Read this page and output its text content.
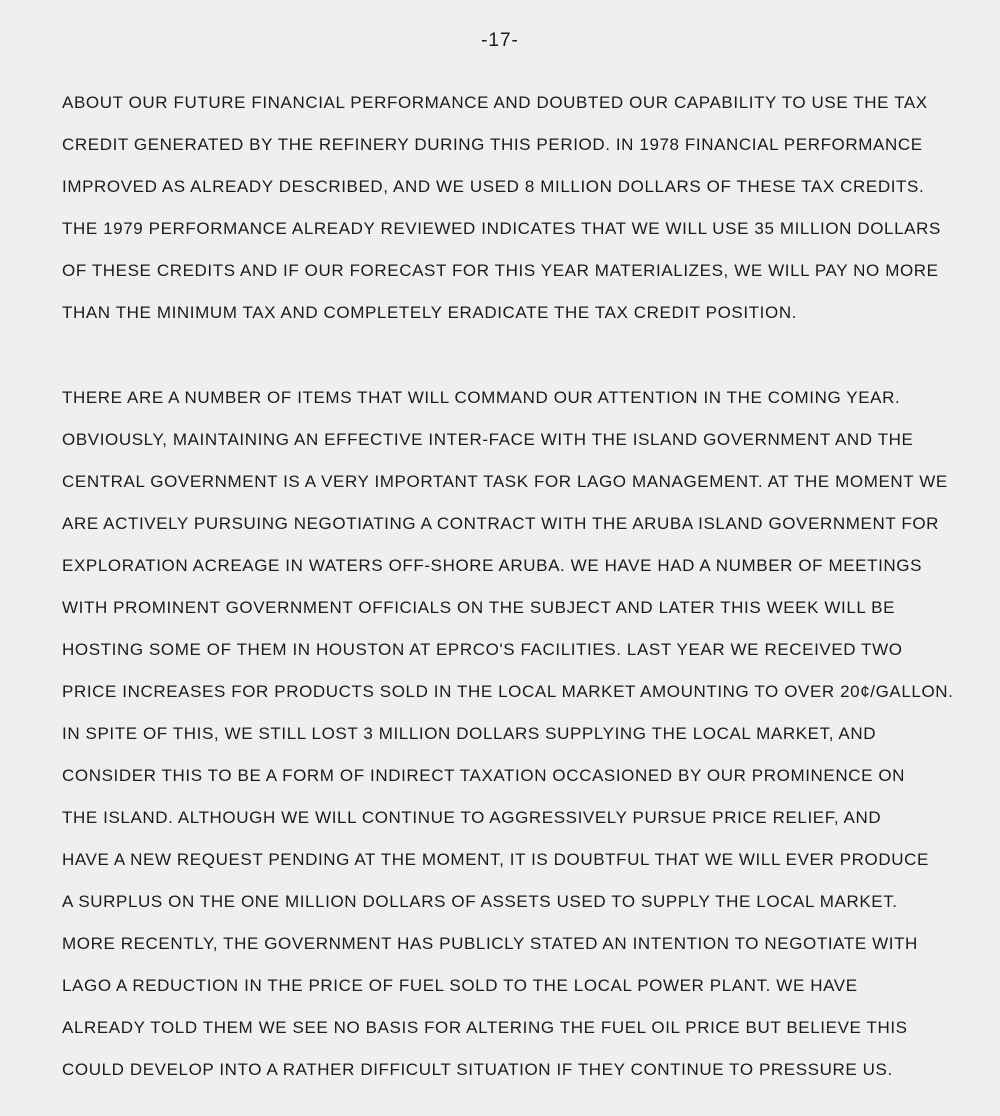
-17-

ABOUT OUR FUTURE FINANCIAL PERFORMANCE AND DOUBTED OUR CAPABILITY TO USE THE TAX
CREDIT GENERATED BY THE REFINERY DURING THIS PERIOD. IN 1978 FINANCIAL PERFORMANCE
IMPROVED AS ALREADY DESCRIBED, AND WE USED 8 MILLION DOLLARS OF THESE TAX CREDITS.
THE 1979 PERFORMANCE ALREADY REVIEWED INDICATES THAT WE WILL USE 35 MILLION DOLLARS
OF THESE CREDITS AND IF OUR FORECAST FOR THIS YEAR MATERIALIZES, WE WILL PAY NO MORE
THAN THE MINIMUM TAX AND COMPLETELY ERADICATE THE TAX CREDIT POSITION.

THERE ARE A NUMBER OF ITEMS THAT WILL COMMAND OUR ATTENTION IN THE COMING YEAR.
OBVIOUSLY, MAINTAINING AN EFFECTIVE INTER-FACE WITH THE ISLAND GOVERNMENT AND THE
CENTRAL GOVERNMENT IS A VERY IMPORTANT TASK FOR LAGO MANAGEMENT. AT THE MOMENT WE
ARE ACTIVELY PURSUING NEGOTIATING A CONTRACT WITH THE ARUBA ISLAND GOVERNMENT FOR
EXPLORATION ACREAGE IN WATERS OFF-SHORE ARUBA. WE HAVE HAD A NUMBER OF MEETINGS
WITH PROMINENT GOVERNMENT OFFICIALS ON THE SUBJECT AND LATER THIS WEEK WILL BE
HOSTING SOME OF THEM IN HOUSTON AT EPRCO'S FACILITIES. LAST YEAR WE RECEIVED TWO
PRICE INCREASES FOR PRODUCTS SOLD IN THE LOCAL MARKET AMOUNTING TO OVER 20¢/GALLON.
IN SPITE OF THIS, WE STILL LOST 3 MILLION DOLLARS SUPPLYING THE LOCAL MARKET, AND
CONSIDER THIS TO BE A FORM OF INDIRECT TAXATION OCCASIONED BY OUR PROMINENCE ON
THE ISLAND. ALTHOUGH WE WILL CONTINUE TO AGGRESSIVELY PURSUE PRICE RELIEF, AND
HAVE A NEW REQUEST PENDING AT THE MOMENT, IT IS DOUBTFUL THAT WE WILL EVER PRODUCE
A SURPLUS ON THE ONE MILLION DOLLARS OF ASSETS USED TO SUPPLY THE LOCAL MARKET.
MORE RECENTLY, THE GOVERNMENT HAS PUBLICLY STATED AN INTENTION TO NEGOTIATE WITH
LAGO A REDUCTION IN THE PRICE OF FUEL SOLD TO THE LOCAL POWER PLANT. WE HAVE
ALREADY TOLD THEM WE SEE NO BASIS FOR ALTERING THE FUEL OIL PRICE BUT BELIEVE THIS
COULD DEVELOP INTO A RATHER DIFFICULT SITUATION IF THEY CONTINUE TO PRESSURE US.
